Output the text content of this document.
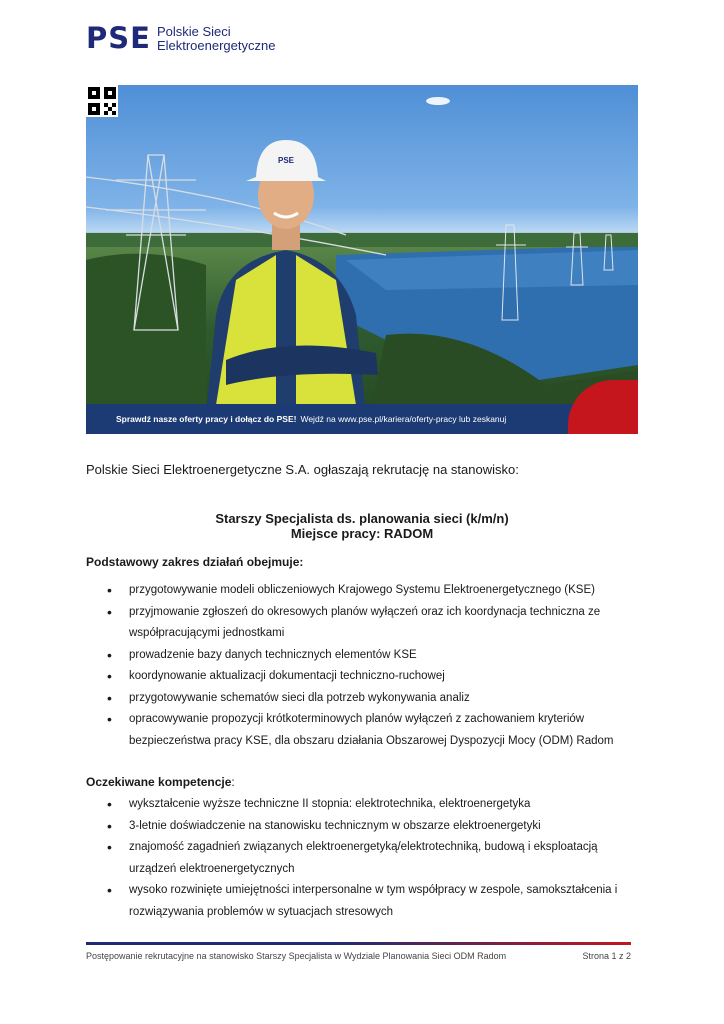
PSE Polskie Sieci
Elektroenergetyczne
PSE
Sprawdź nasze oferty pracy i dołącz do PSE! Wejdź na www.pse.pl/kariera/oferty-pracy lub zeskanuj
Polskie Sieci Elektroenergetyczne S.A. ogłaszają rekrutację na stanowisko:
Starszy Specjalista ds. planowania sieci (k/m/n)
Miejsce pracy: RADOM
Podstawowy zakres działań obejmuje:
• przygotowywanie modeli obliczeniowych Krajowego Systemu Elektroenergetycznego (KSE)
• przyjmowanie zgłoszeń do okresowych planów wyłączeń oraz ich koordynacja techniczna ze współpracującymi jednostkami
• prowadzenie bazy danych technicznych elementów KSE
• koordynowanie aktualizacji dokumentacji techniczno-ruchowej
• przygotowywanie schematów sieci dla potrzeb wykonywania analiz
• opracowywanie propozycji krótkoterminowych planów wyłączeń z zachowaniem kryteriów bezpieczeństwa pracy KSE, dla obszaru działania Obszarowej Dyspozycji Mocy (ODM) Radom
Oczekiwane kompetencje:
• wykształcenie wyższe techniczne II stopnia: elektrotechnika, elektroenergetyka
• 3-letnie doświadczenie na stanowisku technicznym w obszarze elektroenergetyki
• znajomość zagadnień związanych elektroenergetyką/elektrotechniką, budową i eksploatacją urządzeń elektroenergetycznych
• wysoko rozwinięte umiejętności interpersonalne w tym współpracy w zespole, samokształcenia i rozwiązywania problemów w sytuacjach stresowych
Postępowanie rekrutacyjne na stanowisko Starszy Specjalista w Wydziale Planowania Sieci ODM Radom	Strona 1 z 2
